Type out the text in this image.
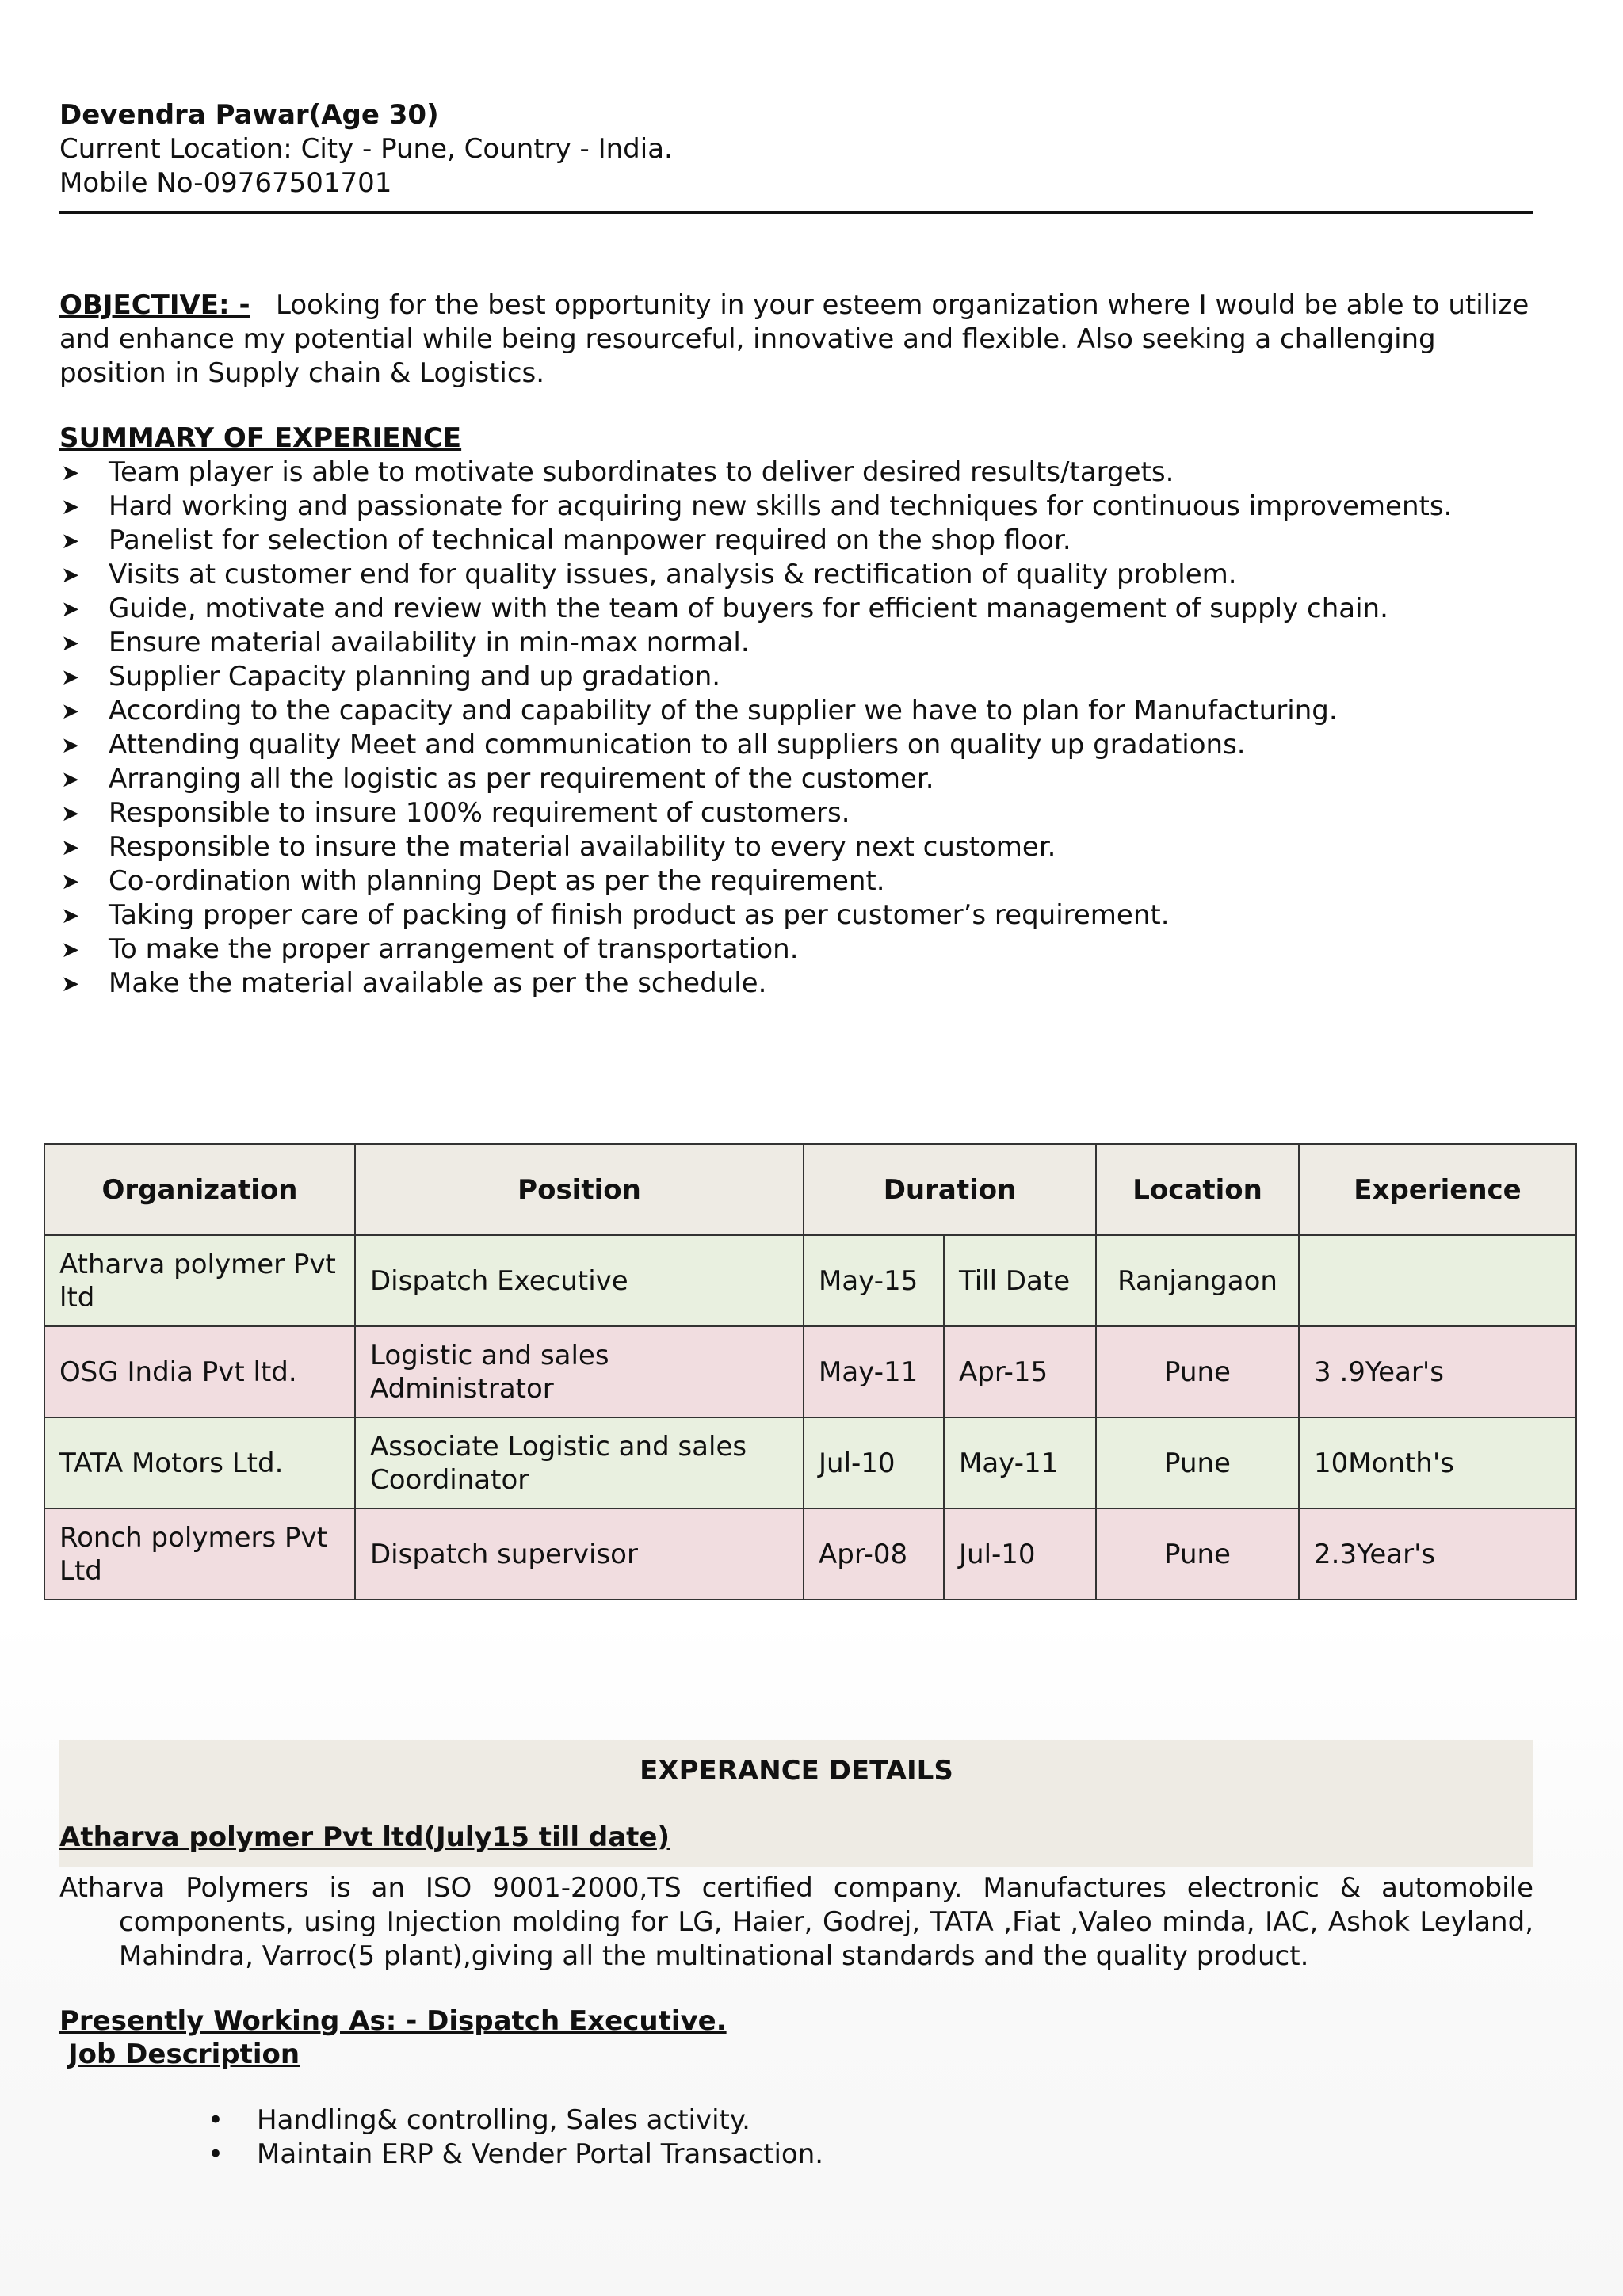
Devendra Pawar(Age 30)
Current Location: City - Pune, Country - India.
Mobile No-09767501701
OBJECTIVE: - Looking for the best opportunity in your esteem organization where I would be able to utilize and enhance my potential while being resourceful, innovative and flexible. Also seeking a challenging position in Supply chain & Logistics.
SUMMARY OF EXPERIENCE
➤ Team player is able to motivate subordinates to deliver desired results/targets.
➤ Hard working and passionate for acquiring new skills and techniques for continuous improvements.
➤ Panelist for selection of technical manpower required on the shop floor.
➤ Visits at customer end for quality issues, analysis & rectification of quality problem.
➤ Guide, motivate and review with the team of buyers for efficient management of supply chain.
➤ Ensure material availability in min-max normal.
➤ Supplier Capacity planning and up gradation.
➤ According to the capacity and capability of the supplier we have to plan for Manufacturing.
➤ Attending quality Meet and communication to all suppliers on quality up gradations.
➤ Arranging all the logistic as per requirement of the customer.
➤ Responsible to insure 100% requirement of customers.
➤ Responsible to insure the material availability to every next customer.
➤ Co-ordination with planning Dept as per the requirement.
➤ Taking proper care of packing of finish product as per customer’s requirement.
➤ To make the proper arrangement of transportation.
➤ Make the material available as per the schedule.
Organization	Position	Duration		Location	Experience
Atharva polymer Pvt ltd	Dispatch Executive	May-15	Till Date	Ranjangaon	
OSG India Pvt ltd.	Logistic and sales Administrator	May-11	Apr-15	Pune	3 .9Year's
TATA Motors Ltd.	Associate Logistic and sales Coordinator	Jul-10	May-11	Pune	10Month's
Ronch polymers Pvt Ltd	Dispatch supervisor	Apr-08	Jul-10	Pune	2.3Year's
EXPERANCE DETAILS
Atharva polymer Pvt ltd(July15 till date)
Atharva Polymers is an ISO 9001-2000,TS certified company. Manufactures electronic & automobile components, using Injection molding for LG, Haier, Godrej, TATA ,Fiat ,Valeo minda, IAC, Ashok Leyland, Mahindra, Varroc(5 plant),giving all the multinational standards and the quality product.
Presently Working As: - Dispatch Executive.
Job Description
• Handling& controlling, Sales activity.
• Maintain ERP & Vender Portal Transaction.
